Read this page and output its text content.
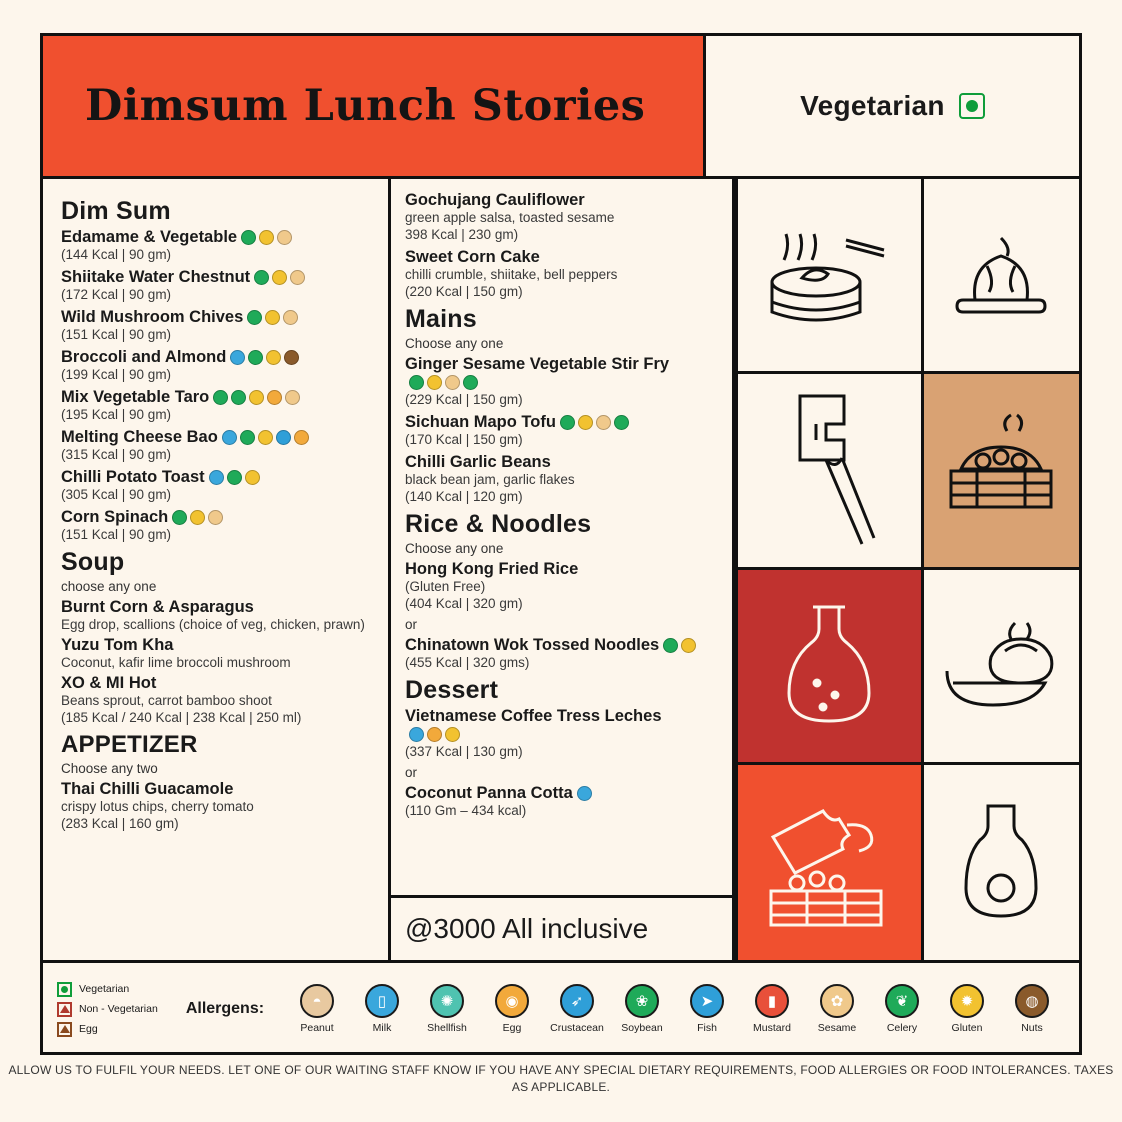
Dimsum Lunch Stories	Vegetarian
Dim Sum
Edamame & Vegetable

(144 Kcal | 90 gm)

Shiitake Water Chestnut

(172 Kcal | 90 gm)

Wild Mushroom Chives

(151 Kcal | 90 gm)

Broccoli and Almond

(199 Kcal | 90 gm)

Mix Vegetable Taro

(195 Kcal | 90 gm)

Melting Cheese Bao

(315 Kcal | 90 gm)

Chilli Potato Toast

(305 Kcal | 90 gm)

Corn Spinach

(151 Kcal | 90 gm)

Soup

choose any one

Burnt Corn & Asparagus

Egg drop, scallions (choice of veg, chicken, prawn)

Yuzu Tom Kha

Coconut, kafir lime broccoli mushroom

XO & MI Hot

Beans sprout, carrot bamboo shoot

(185 Kcal / 240 Kcal | 238 Kcal | 250 ml)

APPETIZER

Choose any two

Thai Chilli Guacamole

crispy lotus chips, cherry tomato

(283 Kcal | 160 gm)

Gochujang Cauliflower

green apple salsa, toasted sesame

398 Kcal | 230 gm)

Sweet Corn Cake

chilli crumble, shiitake, bell peppers

(220 Kcal | 150 gm)

Mains

Choose any one

Ginger Sesame Vegetable Stir Fry

(229 Kcal | 150 gm)

Sichuan Mapo Tofu

(170 Kcal | 150 gm)

Chilli Garlic Beans

black bean jam, garlic flakes

(140 Kcal | 120 gm)

Rice & Noodles

Choose any one

Hong Kong Fried Rice

(Gluten Free)

(404 Kcal | 320 gm)

or

Chinatown Wok Tossed Noodles

(455 Kcal | 320 gms)

Dessert
Vietnamese Coffee Tress Leches

(337 Kcal | 130 gm)

or

Coconut Panna Cotta

(110 Gm – 434 kcal)

@3000 All inclusive
Vegetarian
Non - Vegetarian
Egg
Allergens:	◓
Peanut
▯
Milk
✺
Shellfish
◉
Egg
➶
Crustacean
❀
Soybean
➤
Fish
▮
Mustard
✿
Sesame
❦
Celery
✹
Gluten
◍
Nuts
ALLOW US TO FULFIL YOUR NEEDS. LET ONE OF OUR WAITING STAFF KNOW IF YOU HAVE ANY SPECIAL DIETARY REQUIREMENTS, FOOD ALLERGIES OR FOOD INTOLERANCES. TAXES AS APPLICABLE.
